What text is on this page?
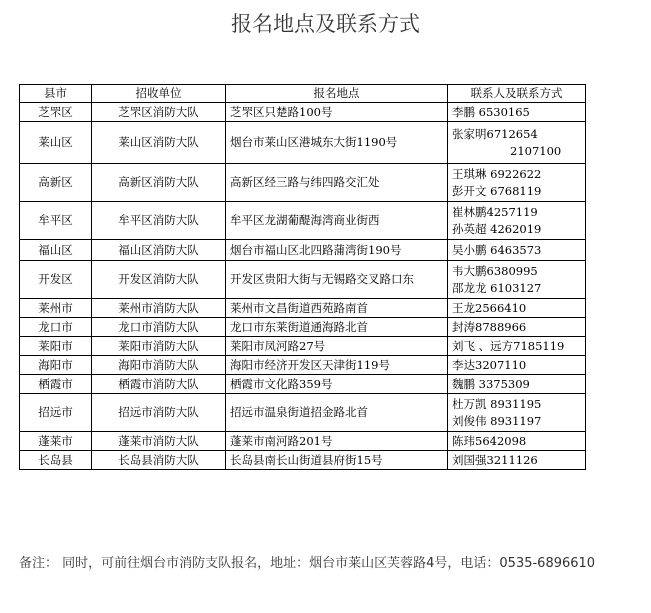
报名地点及联系方式
县市	招收单位	报名地点	联系人及联系方式
芝罘区	芝罘区消防大队	芝罘区只楚路100号	李鹏 6530165

莱山区	莱山区消防大队	烟台市莱山区港城东大街1190号	张家明6712654
2107100

高新区	高新区消防大队	高新区经三路与纬四路交汇处	王琪琳 6922622
彭开文 6768119

牟平区	牟平区消防大队	牟平区龙湖葡醍海湾商业街西	崔林鹏4257119
孙英超 4262019

福山区	福山区消防大队	烟台市福山区北四路蒲湾街190号	吴小鹏 6463573

开发区	开发区消防大队	开发区贵阳大街与无锡路交叉路口东	韦大鹏6380995
邵龙龙 6103127

莱州市	莱州市消防大队	莱州市文昌街道西苑路南首	王龙2566410

龙口市	龙口市消防大队	龙口市东莱街道通海路北首	封涛8788966

莱阳市	莱阳市消防大队	莱阳市凤河路27号	刘飞 、远方7185119

海阳市	海阳市消防大队	海阳市经济开发区天津街119号	李达3207110

栖霞市	栖霞市消防大队	栖霞市文化路359号	魏鹏 3375309

招远市	招远市消防大队	招远市温泉街道招金路北首	杜万凯 8931195
刘俊伟 8931197

蓬莱市	蓬莱市消防大队	蓬莱市南河路201号	陈玮5642098

长岛县	长岛县消防大队	长岛县南长山街道县府街15号	刘国强3211126
备注： 同时，可前往烟台市消防支队报名，地址：烟台市莱山区芙蓉路4号，电话：0535-6896610
